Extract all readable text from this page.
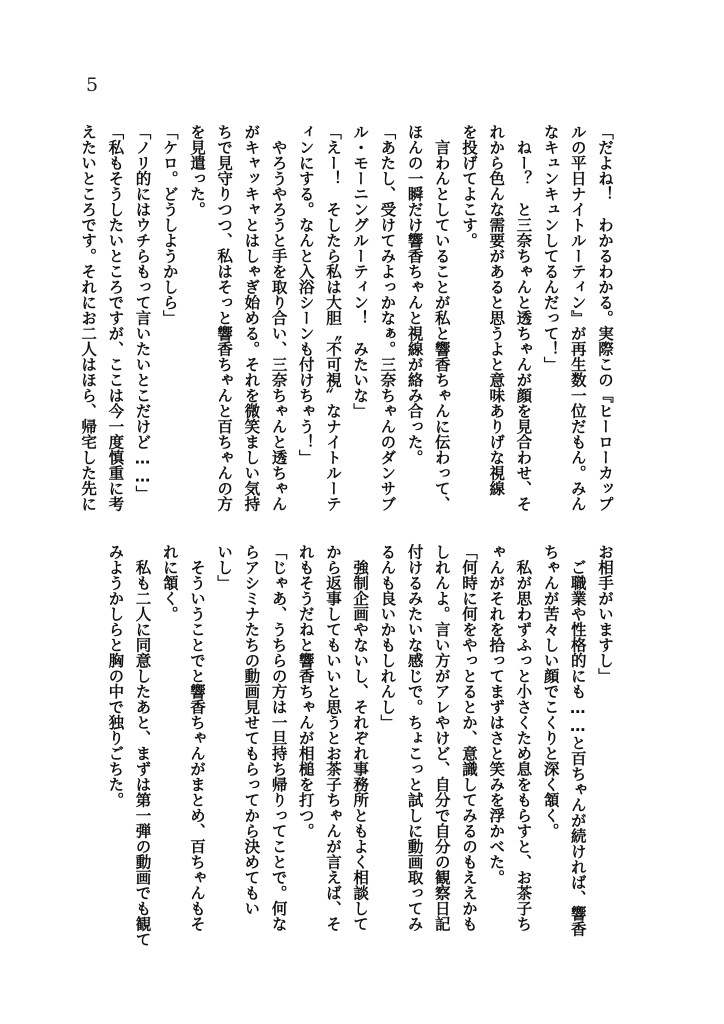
5
「だよね！　わかるわかる。実際この『ヒーローカップ
ルの平日ナイトルーティン』が再生数一位だもん。みん
なキュンキュンしてるんだって！」
　ねー？　と三奈ちゃんと透ちゃんが顔を見合わせ、そ
れから色んな需要があると思うよと意味ありげな視線
を投げてよこす。
　言わんとしていることが私と響香ちゃんに伝わって、
ほんの一瞬だけ響香ちゃんと視線が絡み合った。
「あたし、受けてみよっかなぁ。三奈ちゃんのダンサブ
ル・モーニングルーティン！　みたいな」
「えー！　そしたら私は大胆〝不可視〟なナイトルーテ
ィンにする。なんと入浴シーンも付けちゃう！」
　やろうやろうと手を取り合い、三奈ちゃんと透ちゃん
がキャッキャとはしゃぎ始める。それを微笑ましい気持
ちで見守りつつ、私はそっと響香ちゃんと百ちゃんの方
を見遣った。
「ケロ。どうしようかしら」
「ノリ的にはウチらもって言いたいとこだけど……」
「私もそうしたいところですが、ここは今一度慎重に考
えたいところです。それにお二人はほら、帰宅した先に
お相手がいますし」
　ご職業や性格的にも……と百ちゃんが続ければ、響香
ちゃんが苦々しい顔でこくりと深く頷く。
　私が思わずふっと小さくため息をもらすと、お茶子ち
ゃんがそれを拾ってまずはさと笑みを浮かべた。
「何時に何をやっとるとか、意識してみるのもええかも
しれんよ。言い方がアレやけど、自分で自分の観察日記
付けるみたいな感じで。ちょこっと試しに動画取ってみ
るんも良いかもしれんし」
　強制企画やないし、それぞれ事務所ともよく相談して
から返事してもいいと思うとお茶子ちゃんが言えば、そ
れもそうだねと響香ちゃんが相槌を打つ。
「じゃあ、うちらの方は一旦持ち帰りってことで。何な
らアシミナたちの動画見せてもらってから決めてもい
いし」
　そういうことでと響香ちゃんがまとめ、百ちゃんもそ
れに頷く。
　私も二人に同意したあと、まずは第一弾の動画でも観て
みようかしらと胸の中で独りごちた。
